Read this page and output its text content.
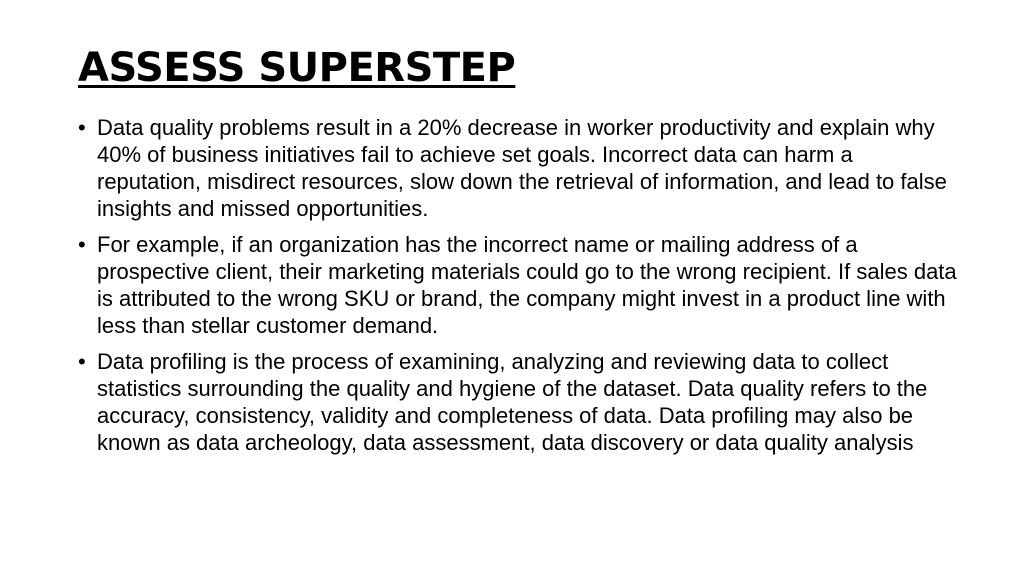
ASSESS SUPERSTEP
• Data quality problems result in a 20% decrease in worker productivity and explain why 40% of business initiatives fail to achieve set goals. Incorrect data can harm a reputation, misdirect resources, slow down the retrieval of information, and lead to false insights and missed opportunities.
• For example, if an organization has the incorrect name or mailing address of a prospective client, their marketing materials could go to the wrong recipient. If sales data is attributed to the wrong SKU or brand, the company might invest in a product line with less than stellar customer demand.
• Data profiling is the process of examining, analyzing and reviewing data to collect statistics surrounding the quality and hygiene of the dataset. Data quality refers to the accuracy, consistency, validity and completeness of data. Data profiling may also be known as data archeology, data assessment, data discovery or data quality analysis
